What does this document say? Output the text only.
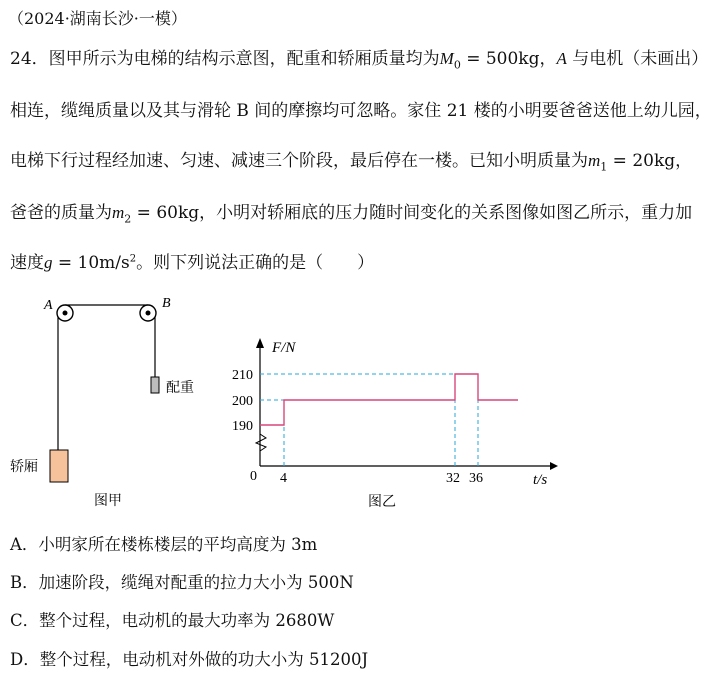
（2024·湖南长沙·一模）
24．图甲所示为电梯的结构示意图，配重和轿厢质量均为$M_0 = 500kg$，A 与电机（未画出）
相连，缆绳质量以及其与滑轮 B 间的摩擦均可忽略。家住 21 楼的小明要爸爸送他上幼儿园，
电梯下行过程经加速、匀速、减速三个阶段，最后停在一楼。已知小明质量为$m_1 = 20kg$，
爸爸的质量为$m_2 = 60kg$，小明对轿厢底的压力随时间变化的关系图像如图乙所示，重力加
速度$g = 10m/s^2$。则下列说法正确的是（　　）
A	B
配重
轿厢
图甲
F/N
t/s
0
210
200
190
4	32 36
图乙
A．小明家所在楼栋楼层的平均高度为 3m
B．加速阶段，缆绳对配重的拉力大小为 500N
C．整个过程，电动机的最大功率为 2680W
D．整个过程，电动机对外做的功大小为 51200J
